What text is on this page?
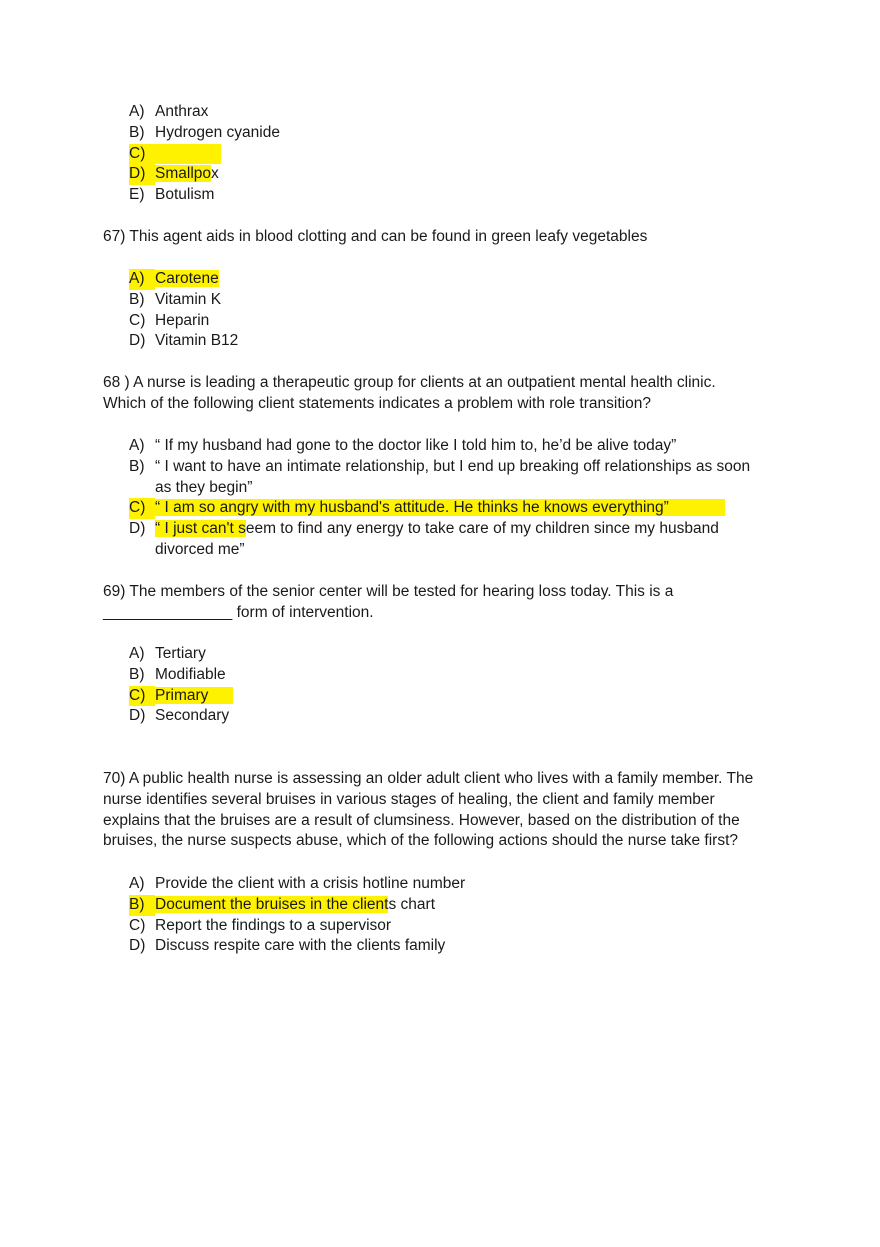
A) Anthrax
B) Hydrogen cyanide
C)
D) Smallpox
E) Botulism

67) This agent aids in blood clotting and can be found in green leafy vegetables

A) Carotene
B) Vitamin K
C) Heparin
D) Vitamin B12

68 ) A nurse is leading a therapeutic group for clients at an outpatient mental health clinic.
Which of the following client statements indicates a problem with role transition?

A) “ If my husband had gone to the doctor like I told him to, he’d be alive today”
B) “ I want to have an intimate relationship, but I end up breaking off relationships as soon
as they begin”
C) “ I am so angry with my husband's attitude. He thinks he knows everything”
D) “ I just can't seem to find any energy to take care of my children since my husband
divorced me”

69) The members of the senior center will be tested for hearing loss today. This is a
_______________ form of intervention.

A) Tertiary
B) Modifiable
C) Primary
D) Secondary

70) A public health nurse is assessing an older adult client who lives with a family member. The
nurse identifies several bruises in various stages of healing, the client and family member
explains that the bruises are a result of clumsiness. However, based on the distribution of the
bruises, the nurse suspects abuse, which of the following actions should the nurse take first?

A) Provide the client with a crisis hotline number
B) Document the bruises in the clients chart
C) Report the findings to a supervisor
D) Discuss respite care with the clients family
